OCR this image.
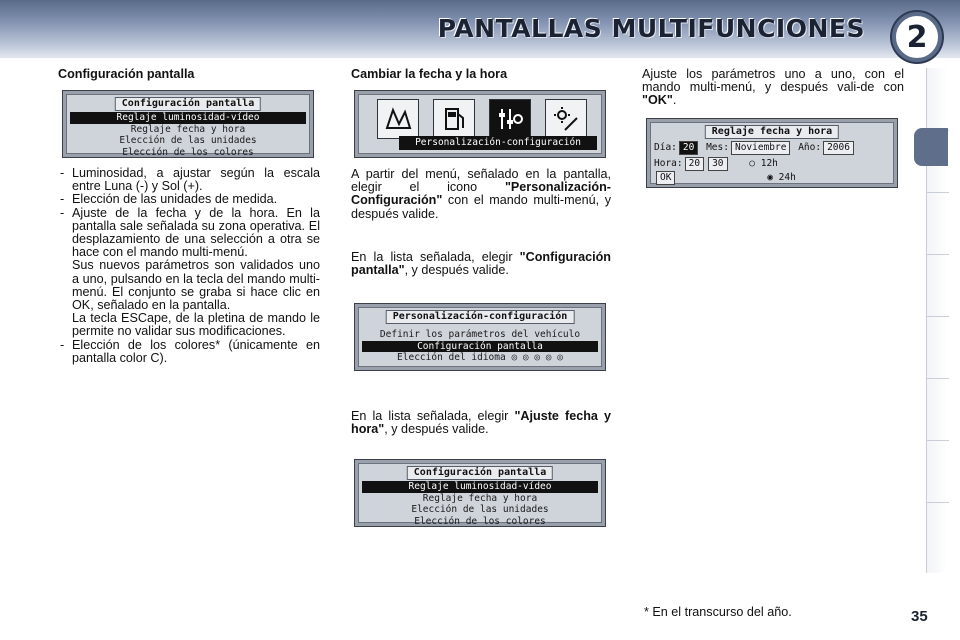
PANTALLAS MULTIFUNCIONES	2
Configuración pantalla
Configuración pantalla
Reglaje luminosidad-vídeo
Reglaje fecha y hora
Elección de las unidades
Elección de los colores
- Luminosidad, a ajustar según la escala entre Luna (-) y Sol (+).
- Elección de las unidades de medida.
- Ajuste de la fecha y de la hora. En la pantalla sale señalada su zona operativa. El desplazamiento de una selección a otra se hace con el mando multi-menú.
Sus nuevos parámetros son validados uno a uno, pulsando en la tecla del mando multi-menú. El conjunto se graba si hace clic en OK, señalado en la pantalla.
La tecla ESCape, de la pletina de mando le permite no validar sus modificaciones.
- Elección de los colores* (únicamente en pantalla color C).
Cambiar la fecha y la hora
Personalización-configuración

A partir del menú, señalado en la pantalla, elegir el icono "Personalización-Configuración" con el mando multi-menú, y después valide.

En la lista señalada, elegir "Configuración pantalla", y después valide.

Personalización-configuración
Definir los parámetros del vehículo
Configuración pantalla
Elección del idioma ◎ ◎ ◎ ◎ ◎

En la lista señalada, elegir "Ajuste fecha y hora", y después valide.

Configuración pantalla
Reglaje luminosidad-vídeo
Reglaje fecha y hora
Elección de las unidades
Elección de los colores

Ajuste los parámetros uno a uno, con el mando multi-menú, y después vali-de con "OK".

Reglaje fecha y hora
Día: 20 Mes: Noviembre Año: 2006
Hora: 20 30	○ 12h
OK	◉ 24h
* En el transcurso del año.	35
